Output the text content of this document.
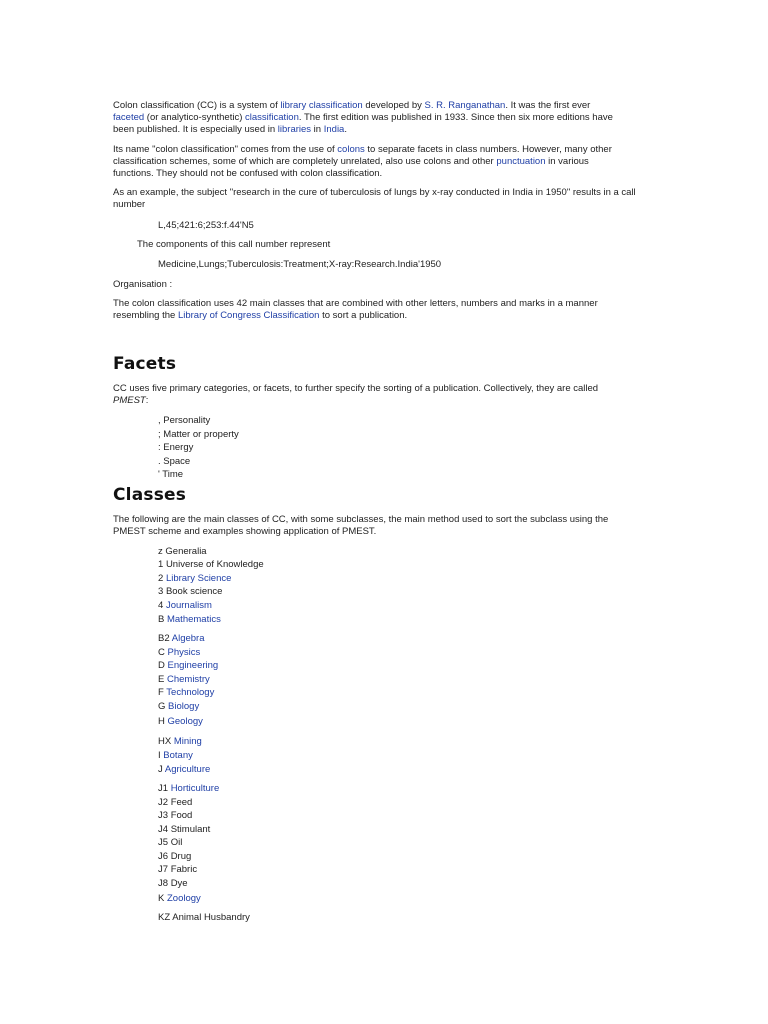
Colon classification (CC) is a system of library classification developed by S. R. Ranganathan. It was the first ever faceted (or analytico-synthetic) classification. The first edition was published in 1933. Since then six more editions have been published. It is especially used in libraries in India.

Its name "colon classification" comes from the use of colons to separate facets in class numbers. However, many other classification schemes, some of which are completely unrelated, also use colons and other punctuation in various functions. They should not be confused with colon classification.

As an example, the subject "research in the cure of tuberculosis of lungs by x-ray conducted in India in 1950" results in a call number

L,45;421:6;253:f.44'N5
The components of this call number represent
Medicine,Lungs;Tuberculosis:Treatment;X-ray:Research.India'1950
Organisation :

The colon classification uses 42 main classes that are combined with other letters, numbers and marks in a manner resembling the Library of Congress Classification to sort a publication.

Facets

CC uses five primary categories, or facets, to further specify the sorting of a publication. Collectively, they are called PMEST:

, Personality
; Matter or property
: Energy
. Space
' Time
Classes

The following are the main classes of CC, with some subclasses, the main method used to sort the subclass using the PMEST scheme and examples showing application of PMEST.

z Generalia
1 Universe of Knowledge
2 Library Science
3 Book science
4 Journalism
B Mathematics
B2 Algebra
C Physics
D Engineering
E Chemistry
F Technology
G Biology
H Geology
HX Mining
I Botany
J Agriculture
J1 Horticulture
J2 Feed
J3 Food
J4 Stimulant
J5 Oil
J6 Drug
J7 Fabric
J8 Dye
K Zoology
KZ Animal Husbandry
